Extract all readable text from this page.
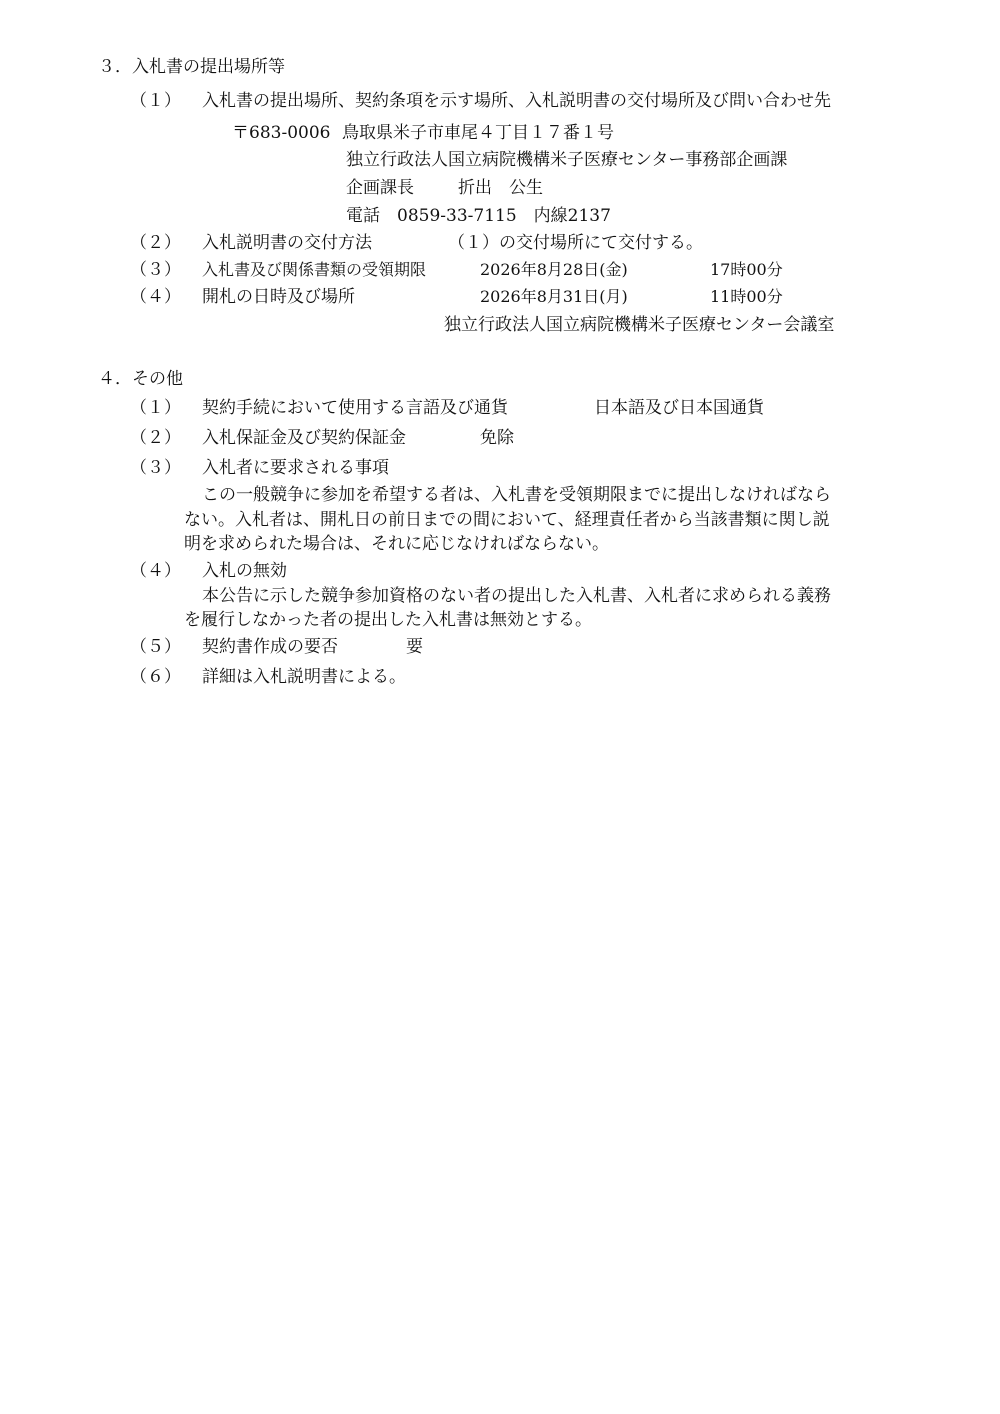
３．入札書の提出場所等
（１） 入札書の提出場所、契約条項を示す場所、入札説明書の交付場所及び問い合わせ先
〒683-0006 鳥取県米子市車尾４丁目１７番１号
独立行政法人国立病院機構米子医療センター事務部企画課
企画課長	折出　公生
電話　0859-33-7115　内線2137
（２） 入札説明書の交付方法	（１）の交付場所にて交付する。
（３） 入札書及び関係書類の受領期限	2026年8月28日(金)	17時00分
（４） 開札の日時及び場所	2026年8月31日(月)	11時00分
独立行政法人国立病院機構米子医療センター会議室
４．その他
（１） 契約手続において使用する言語及び通貨	日本語及び日本国通貨
（２） 入札保証金及び契約保証金	免除
（３） 入札者に要求される事項
この一般競争に参加を希望する者は、入札書を受領期限までに提出しなければなら
ない。入札者は、開札日の前日までの間において、経理責任者から当該書類に関し説
明を求められた場合は、それに応じなければならない。
（４） 入札の無効
本公告に示した競争参加資格のない者の提出した入札書、入札者に求められる義務
を履行しなかった者の提出した入札書は無効とする。
（５） 契約書作成の要否	要
（６） 詳細は入札説明書による。
